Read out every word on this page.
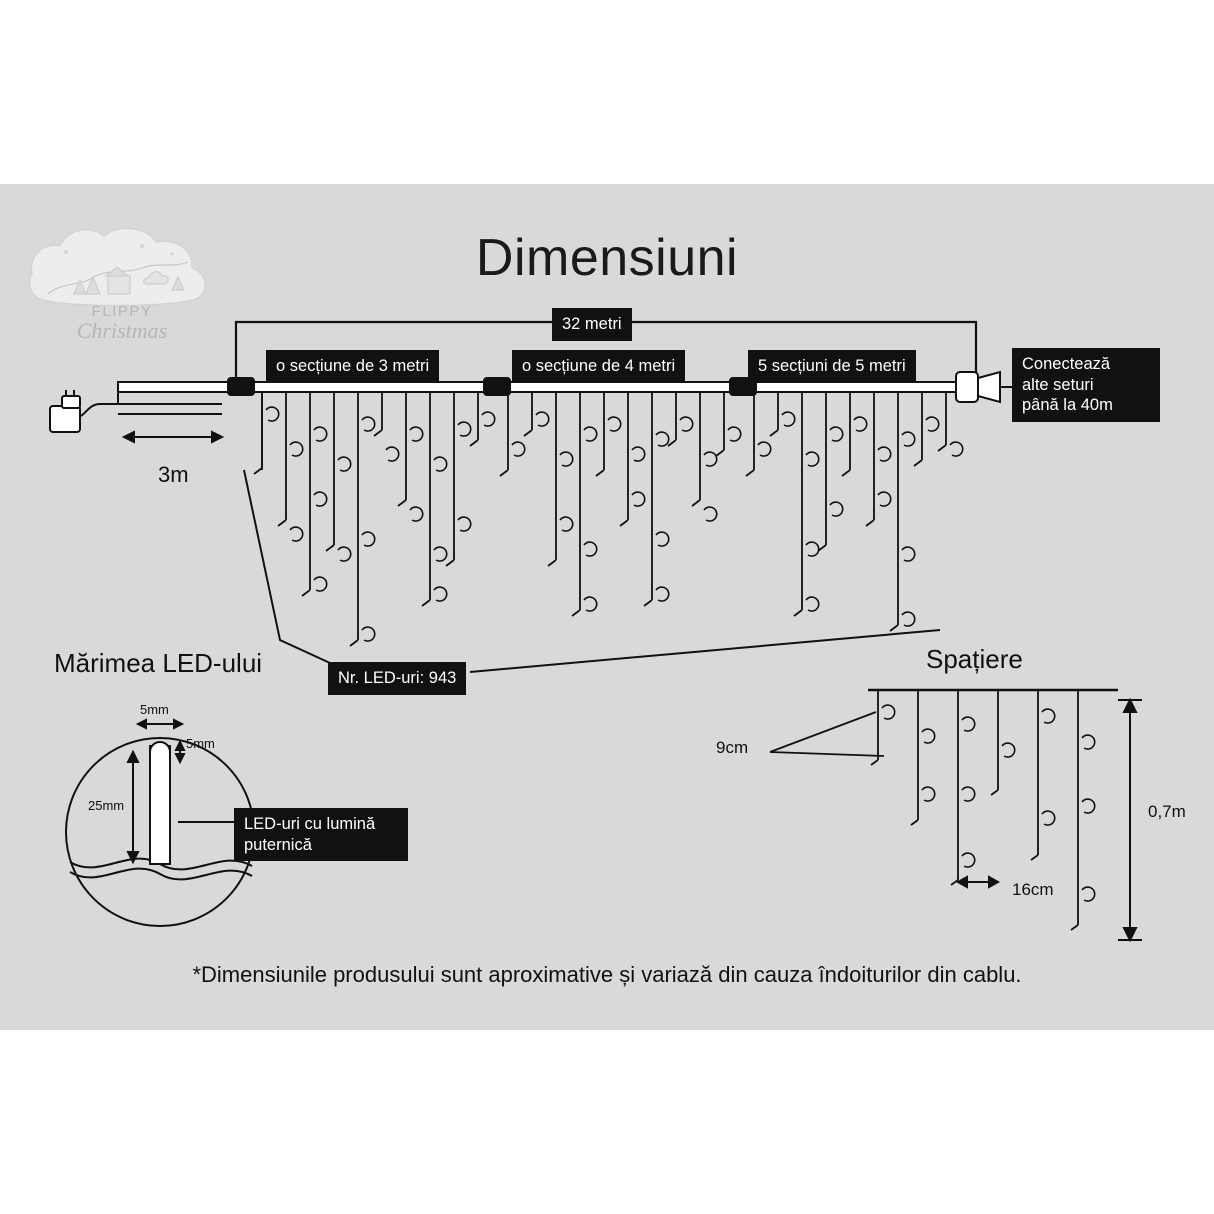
FLIPPY
Christmas
Dimensiuni
32 metri
o secțiune de 3 metri	o secțiune de 4 metri	5 secțiuni de 5 metri	Conectează
alte seturi
până la 40m
Nr. LED-uri: 943
LED-uri cu lumină
puternică
3m
Mărimea LED-ului
5mm
5mm
25mm
Spațiere
9cm
16cm
0,7m
*Dimensiunile produsului sunt aproximative și variază din cauza îndoiturilor din cablu.
